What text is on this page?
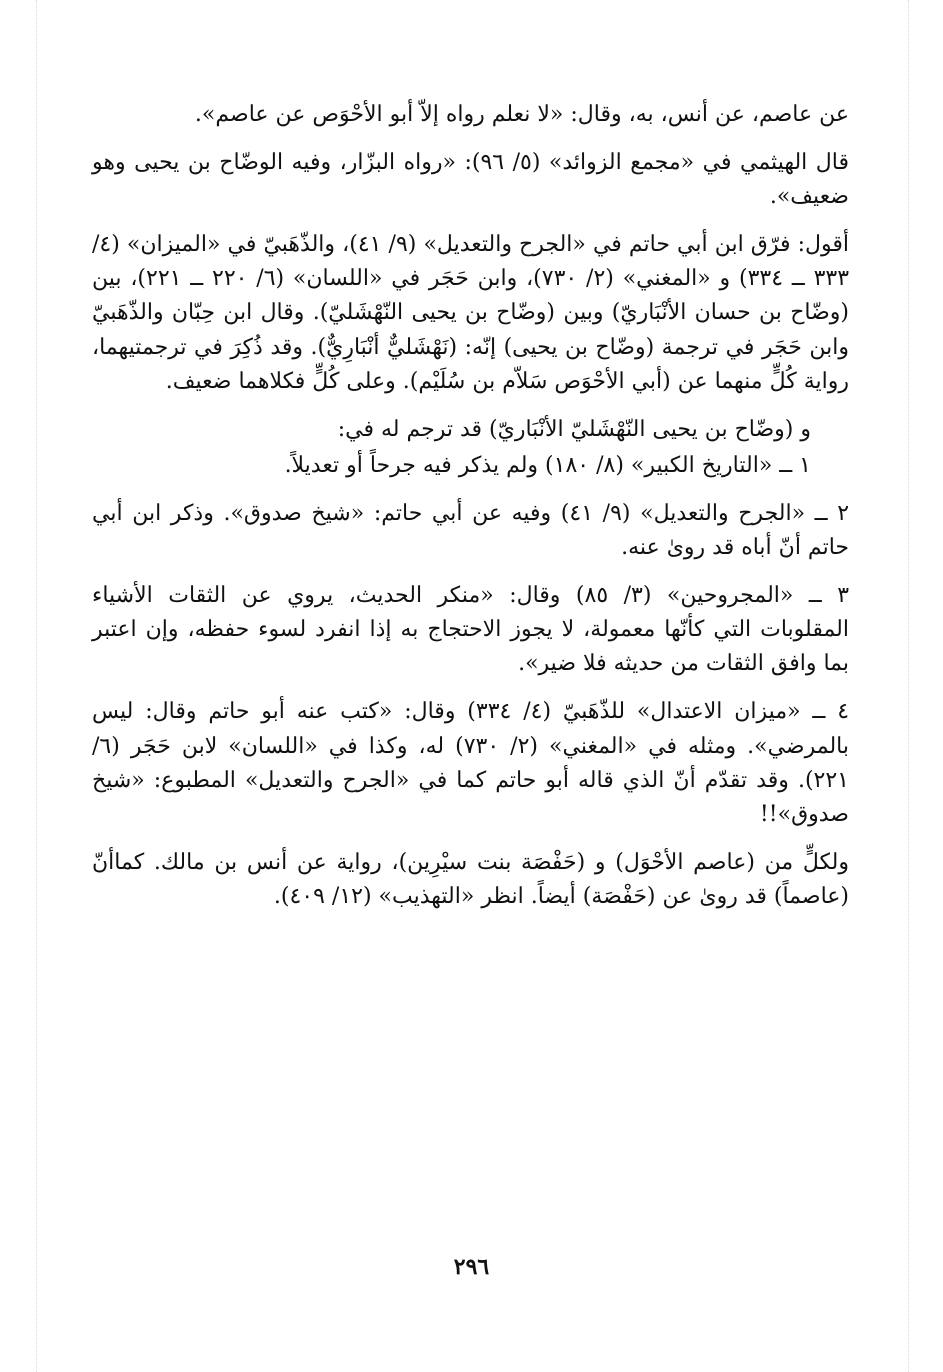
عن عاصم، عن أنس، به، وقال: «لا نعلم رواه إلاّ أبو الأحْوَص عن عاصم».

قال الهيثمي في «مجمع الزوائد» (٥/ ٩٦): «رواه البزّار، وفيه الوضّاح بن يحيى وهو ضعيف».

أقول: فرّق ابن أبي حاتم في «الجرح والتعديل» (٩/ ٤١)، والذّهَبيّ في «الميزان» (٤/ ٣٣٣ ــ ٣٣٤) و «المغني» (٢/ ٧٣٠)، وابن حَجَر في «اللسان» (٦/ ٢٢٠ ــ ٢٢١)، بين (وضّاح بن حسان الأنْبَاريّ) وبين (وضّاح بن يحيى النّهْشَليّ). وقال ابن حِبّان والذّهَبيّ وابن حَجَر في ترجمة (وضّاح بن يحيى) إنّه: (نَهْشَليٌّ أنْبَارِيٌّ). وقد ذُكِرَ في ترجمتيهما، رواية كُلٍّ منهما عن (أبي الأحْوَص سَلاّم بن سُلَيْم). وعلى كُلٍّ فكلاهما ضعيف.

و (وضّاح بن يحيى النّهْشَليّ الأنْبَاريّ) قد ترجم له في:

١ ــ «التاريخ الكبير» (٨/ ١٨٠) ولم يذكر فيه جرحاً أو تعديلاً.

٢ ــ «الجرح والتعديل» (٩/ ٤١) وفيه عن أبي حاتم: «شيخ صدوق». وذكر ابن أبي حاتم أنّ أباه قد روىٰ عنه.

٣ ــ «المجروحين» (٣/ ٨٥) وقال: «منكر الحديث، يروي عن الثقات الأشياء المقلوبات التي كأنّها معمولة، لا يجوز الاحتجاج به إذا انفرد لسوء حفظه، وإن اعتبر بما وافق الثقات من حديثه فلا ضير».

٤ ــ «ميزان الاعتدال» للذّهَبيّ (٤/ ٣٣٤) وقال: «كتب عنه أبو حاتم وقال: ليس بالمرضي». ومثله في «المغني» (٢/ ٧٣٠) له، وكذا في «اللسان» لابن حَجَر (٦/ ٢٢١). وقد تقدّم أنّ الذي قاله أبو حاتم كما في «الجرح والتعديل» المطبوع: «شيخ صدوق»!!

ولكلٍّ من (عاصم الأحْوَل) و (حَفْصَة بنت سيْرِين)، رواية عن أنس بن مالك. كماأنّ (عاصماً) قد روىٰ عن (حَفْصَة) أيضاً. انظر «التهذيب» (١٢/ ٤٠٩).

٢٩٦
